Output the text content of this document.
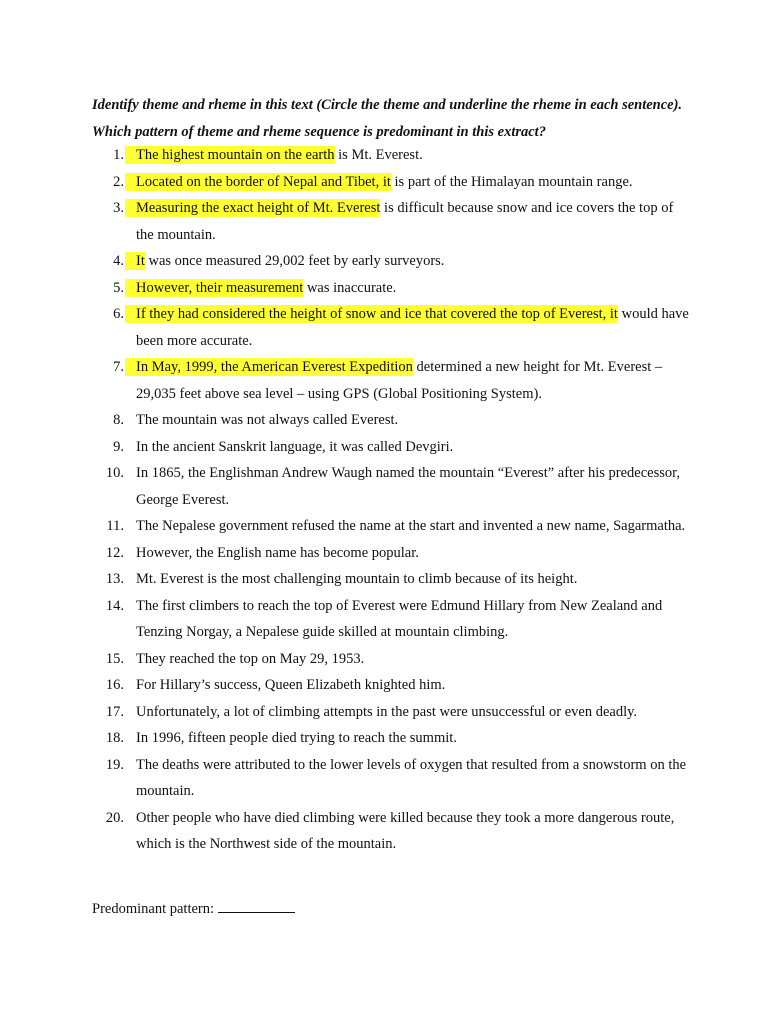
Identify theme and rheme in this text (Circle the theme and underline the rheme in each sentence). Which pattern of theme and rheme sequence is predominant in this extract?
1. The highest mountain on the earth is Mt. Everest.
2. Located on the border of Nepal and Tibet, it is part of the Himalayan mountain range.
3. Measuring the exact height of Mt. Everest is difficult because snow and ice covers the top of the mountain.
4. It was once measured 29,002 feet by early surveyors.
5. However, their measurement was inaccurate.
6. If they had considered the height of snow and ice that covered the top of Everest, it would have been more accurate.
7. In May, 1999, the American Everest Expedition determined a new height for Mt. Everest – 29,035 feet above sea level – using GPS (Global Positioning System).
8. The mountain was not always called Everest.
9. In the ancient Sanskrit language, it was called Devgiri.
10. In 1865, the Englishman Andrew Waugh named the mountain “Everest” after his predecessor, George Everest.
11. The Nepalese government refused the name at the start and invented a new name, Sagarmatha.
12. However, the English name has become popular.
13. Mt. Everest is the most challenging mountain to climb because of its height.
14. The first climbers to reach the top of Everest were Edmund Hillary from New Zealand and Tenzing Norgay, a Nepalese guide skilled at mountain climbing.
15. They reached the top on May 29, 1953.
16. For Hillary’s success, Queen Elizabeth knighted him.
17. Unfortunately, a lot of climbing attempts in the past were unsuccessful or even deadly.
18. In 1996, fifteen people died trying to reach the summit.
19. The deaths were attributed to the lower levels of oxygen that resulted from a snowstorm on the mountain.
20. Other people who have died climbing were killed because they took a more dangerous route, which is the Northwest side of the mountain.
Predominant pattern:
